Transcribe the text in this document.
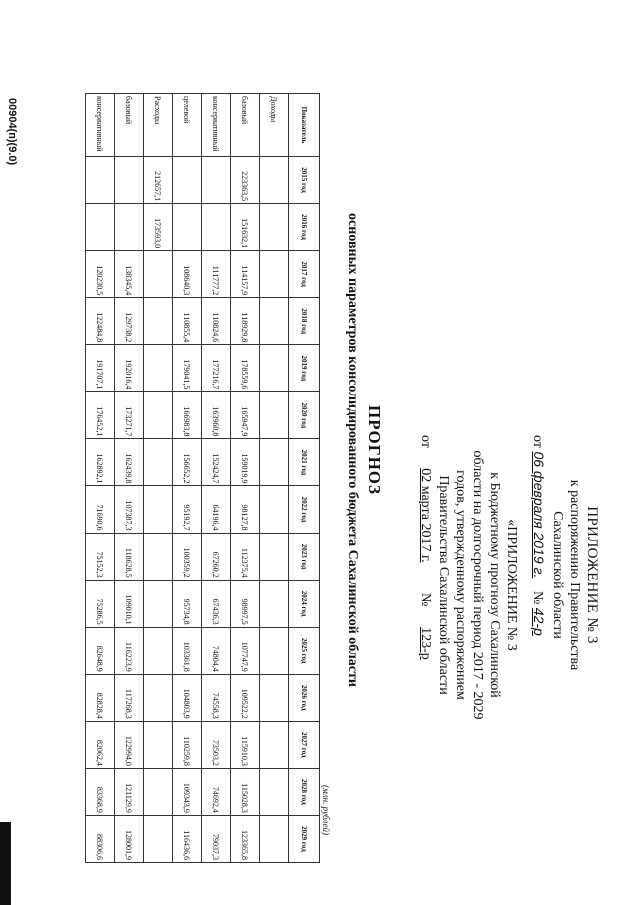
ПРИЛОЖЕНИЕ № 3
к распоряжению Правительства
Сахалинской области
от 06 февраля 2019 г. № 42-р
«ПРИЛОЖЕНИЕ № 3
к Бюджетному прогнозу Сахалинской
области на долгосрочный период 2017 - 2029
годов, утвержденному распоряжением
Правительства Сахалинской области
от 02 марта 2017 г. № 123-р
ПРОГНОЗ
основных параметров консолидированного бюджета Сахалинской области
(млн. рублей)
Показатель	2015 год	2016 год	2017 год	2018 год	2019 год	2020 год	2021 год	2022 год	2023 год	2024 год	2025 год	2026 год	2027 год	2028 год	2029 год
Доходы															
базовый	223363,5	151632,1	114157,9	118929,8	178559,6	165947,9	159019,9	98127,8	112375,4	98997,5	107747,9	109522,2	115910,3	115028,3	123365,8
консервативный			111777,2	110824,6	177216,7	163960,8	152424,7	64196,4	67260,2	67436,3	74804,4	74558,3	73503,2	74692,4	79037,3
целевой			108640,3	110855,4	179041,5	166983,8	156652,2	95192,7	100359,2	95734,8	103361,8	104803,9	110259,8	109343,9	116436,6
Расходы	212657,1	173593,0													
базовый			138345,4	129738,2	192016,4	173271,7	162439,8	107387,3	118628,5	109010,1	116223,9	117268,3	122994,0	121129,9	128001,9
консервативный			120230,5	122484,8	191707,1	176452,1	162892,1	71690,6	75152,3	75286,5	82648,9	82828,4	82062,4	83368,9	88306,6
00904(п)(9.0)
